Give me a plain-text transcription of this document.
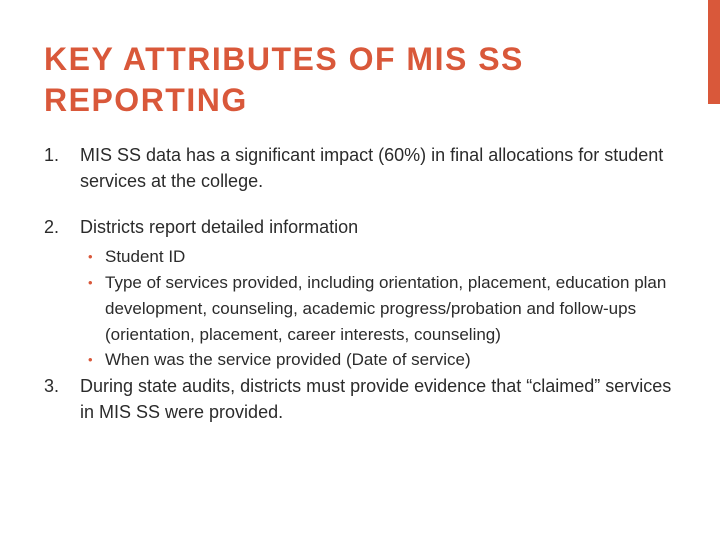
KEY ATTRIBUTES OF MIS SS REPORTING
1. MIS SS data has a significant impact (60%) in final allocations for student services at the college.
2. Districts report detailed information
• Student ID
• Type of services provided, including orientation, placement, education plan development, counseling, academic progress/probation and follow-ups (orientation, placement, career interests, counseling)
• When was the service provided (Date of service)
3. During state audits, districts must provide evidence that “claimed” services in MIS SS were provided.
